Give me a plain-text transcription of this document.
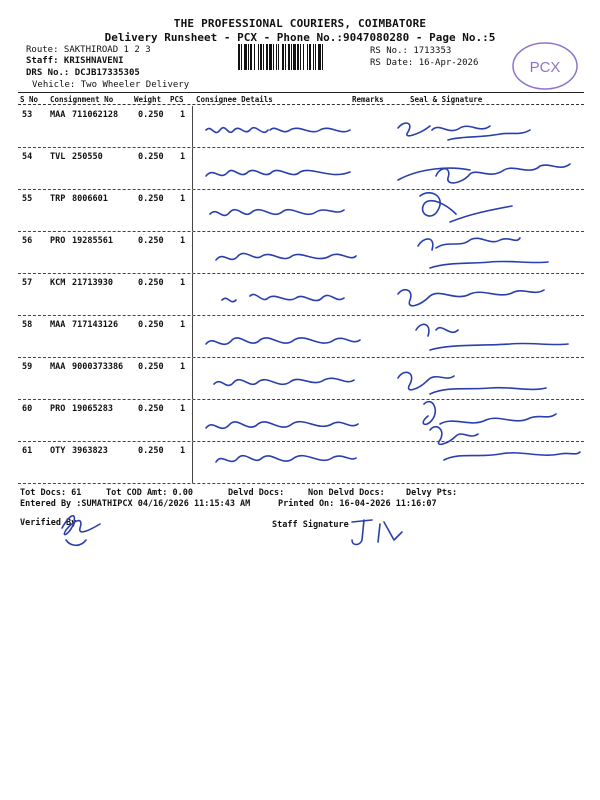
THE PROFESSIONAL COURIERS, COIMBATORE
Delivery Runsheet - PCX - Phone No.:9047080280 - Page No.:5
Route: SAKTHIROAD 1 2 3
Staff: KRISHNAVENI
DRS No.: DCJB17335305
Vehicle: Two Wheeler Delivery
RS No.: 1713353
RS Date: 16-Apr-2026	PCX
S No Consignment No	Weight PCS Consignee Details	Remarks	Seal & Signature
53 MAA 711062128 0.250 1
54 TVL 250550	0.250 1
55 TRP 8006601	0.250 1
56 PRO 19285561	0.250 1
57 KCM 21713930	0.250 1
58 MAA 717143126 0.250 1
59 MAA 9000373386 0.250 1
60 PRO 19065283	0.250 1
61 OTY 3963823	0.250 1
Tot Docs: 61	Tot COD Amt: 0.00	Delvd Docs:	Non Delvd Docs: Delvy Pts:
Entered By :SUMATHIPCX 04/16/2026 11:15:43 AM	Printed On: 16-04-2026 11:16:07
Verified By	Staff Signature
